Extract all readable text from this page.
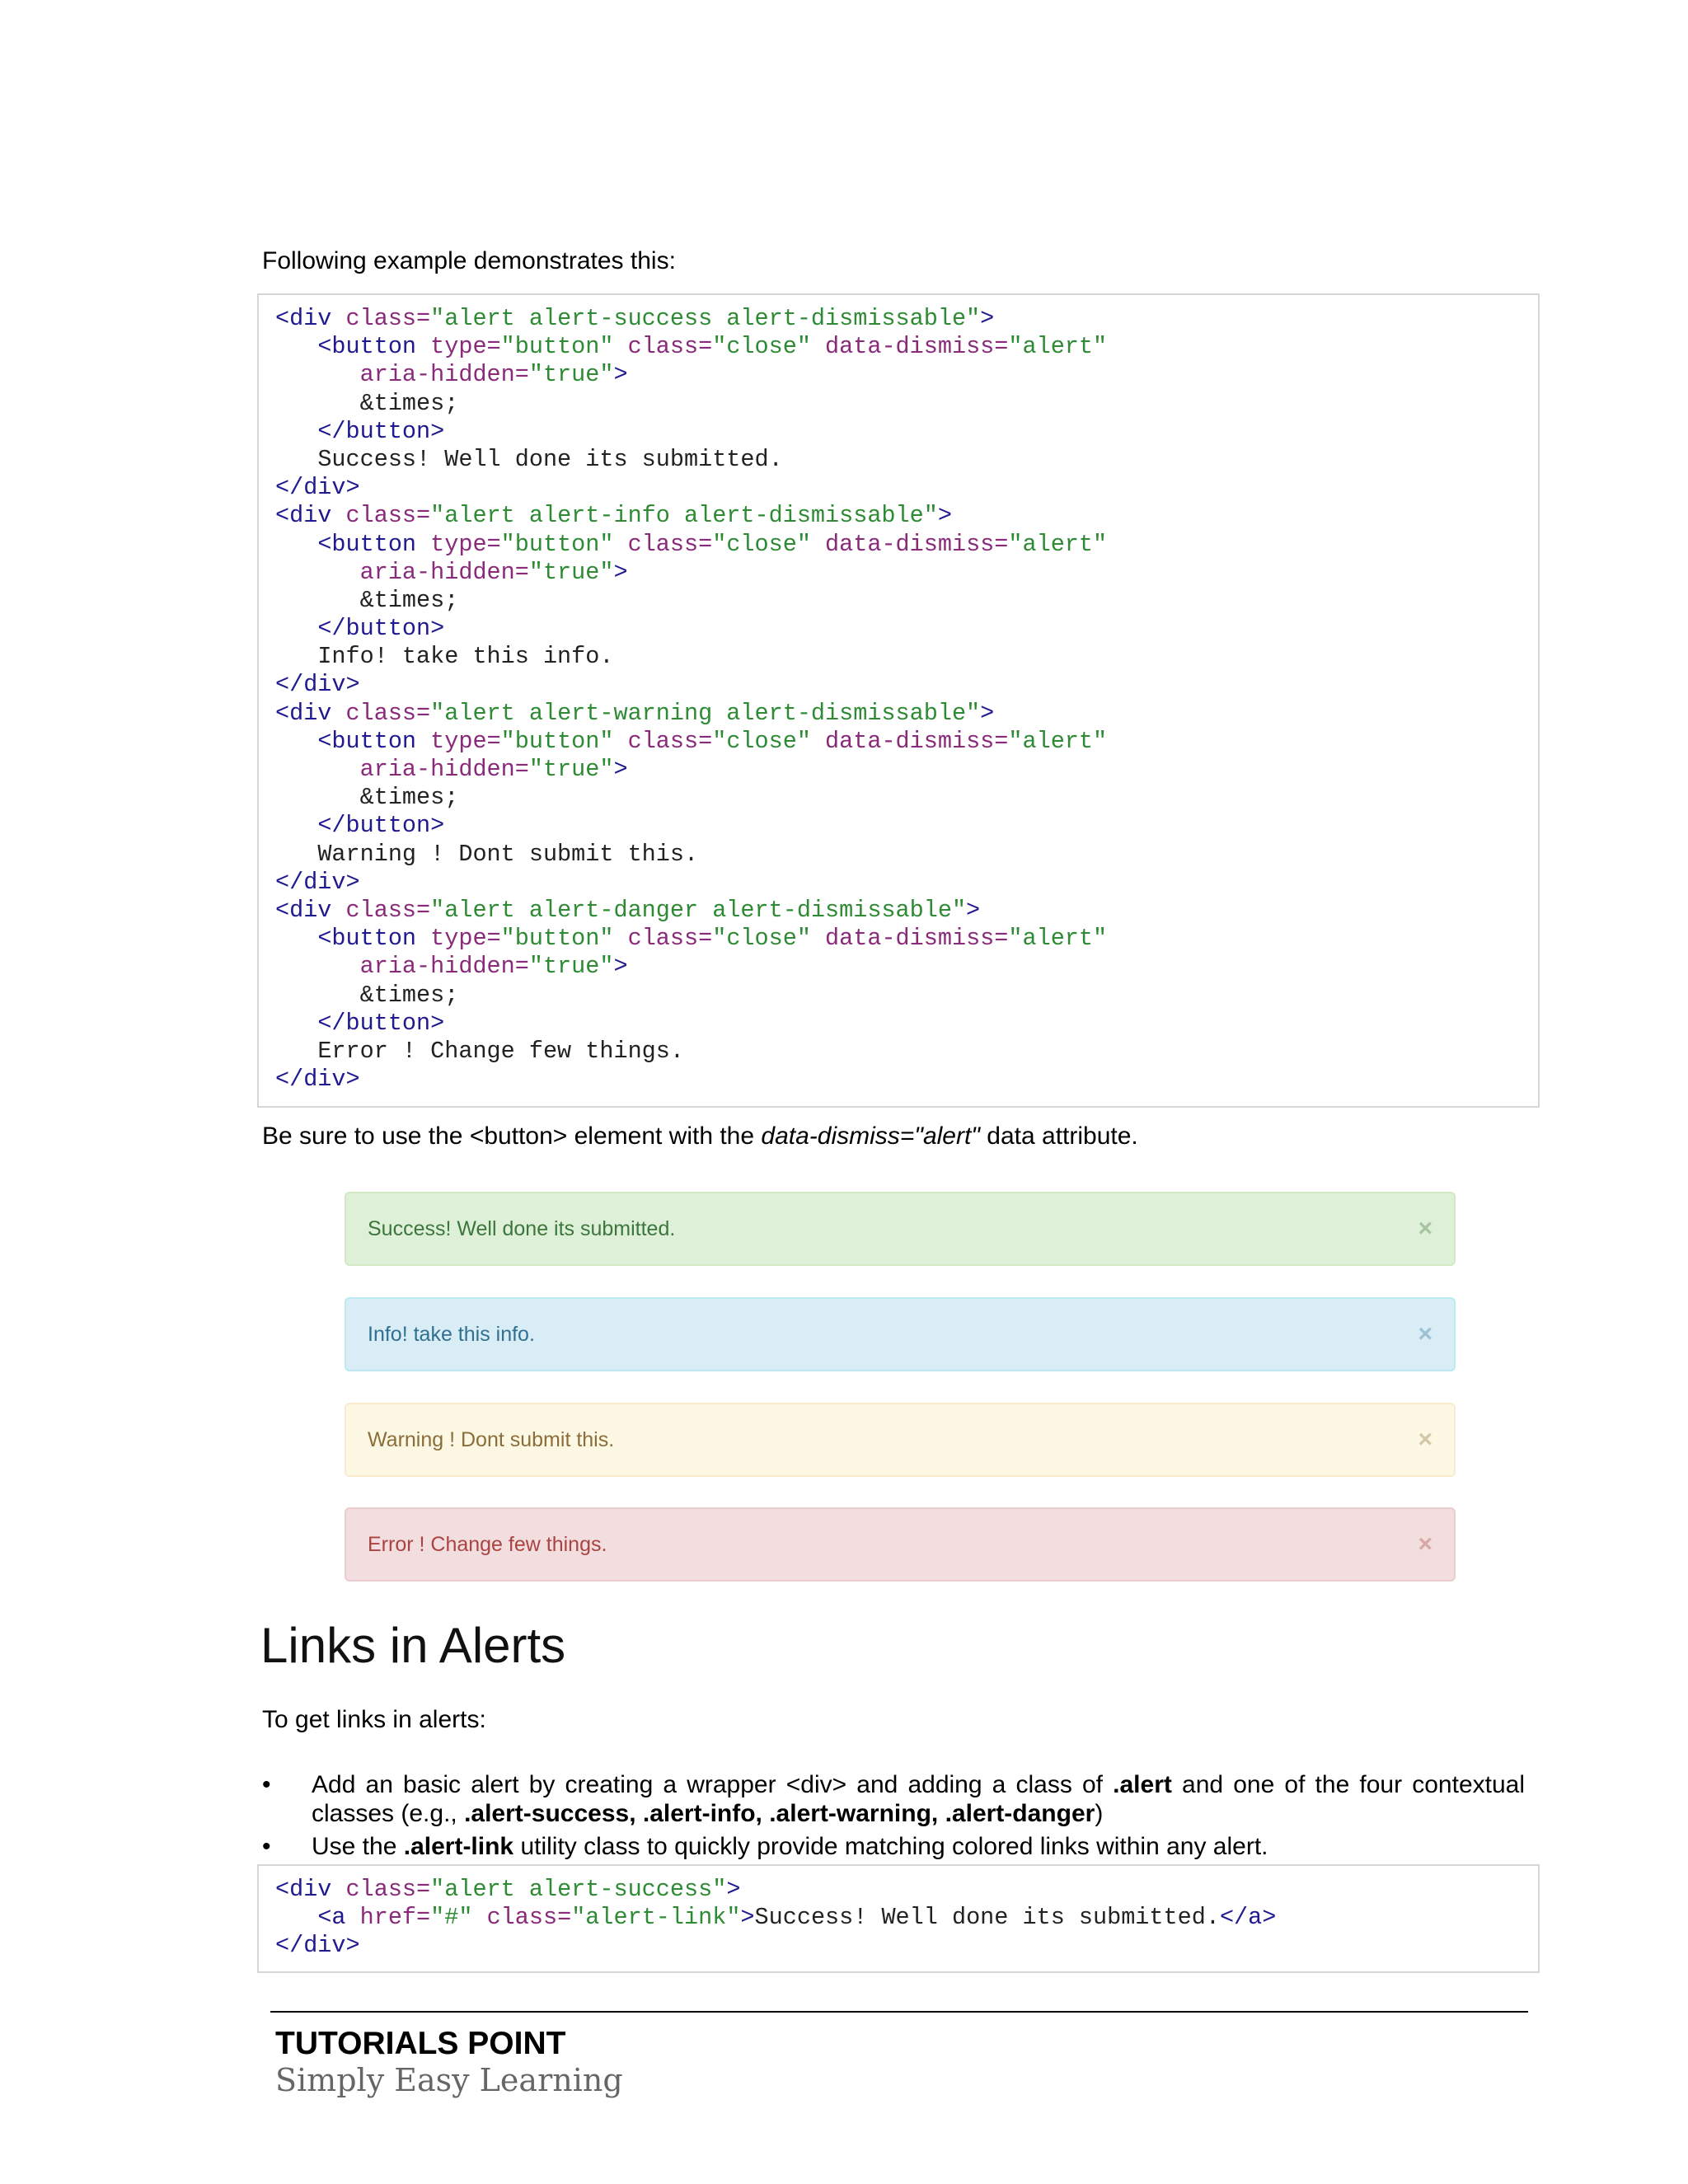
Following example demonstrates this:
<div class="alert alert-success alert-dismissable">
<button type="button" class="close" data-dismiss="alert"
aria-hidden="true">
&times;
</button>
Success! Well done its submitted.
</div>
<div class="alert alert-info alert-dismissable">
<button type="button" class="close" data-dismiss="alert"
aria-hidden="true">
&times;
</button>
Info! take this info.
</div>
<div class="alert alert-warning alert-dismissable">
<button type="button" class="close" data-dismiss="alert"
aria-hidden="true">
&times;
</button>
Warning ! Dont submit this.
</div>
<div class="alert alert-danger alert-dismissable">
<button type="button" class="close" data-dismiss="alert"
aria-hidden="true">
&times;
</button>
Error ! Change few things.
</div>
Be sure to use the <button> element with the data-dismiss="alert" data attribute.
Success! Well done its submitted.	×
Info! take this info.	×
Warning ! Dont submit this.	×
Error ! Change few things.	×
Links in Alerts
To get links in alerts:
•	Add an basic alert by creating a wrapper <div> and adding a class of .alert and one of the four contextual classes (e.g., .alert-success, .alert-info, .alert-warning, .alert-danger)
•	Use the .alert-link utility class to quickly provide matching colored links within any alert.
<div class="alert alert-success">
<a href="#" class="alert-link">Success! Well done its submitted.</a>
</div>
TUTORIALS POINT
Simply Easy Learning
